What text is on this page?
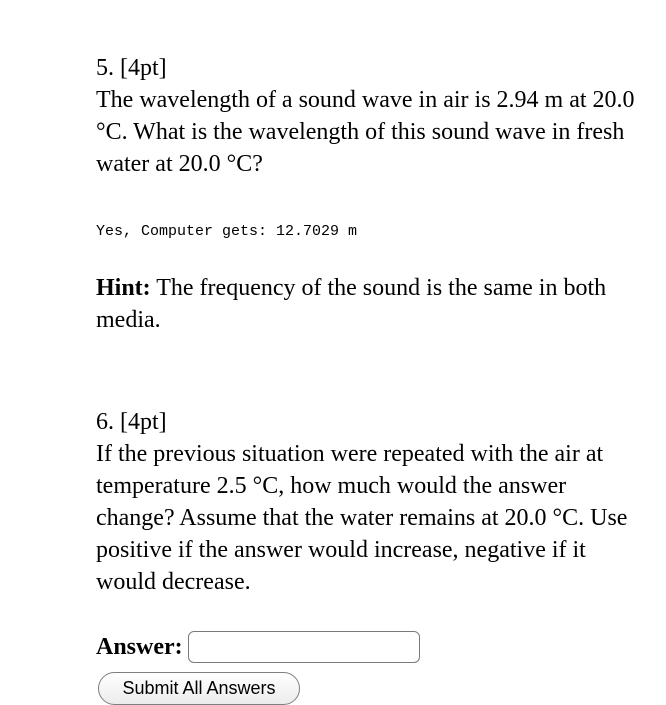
5. [4pt]

The wavelength of a sound wave in air is 2.94 m at 20.0 °C. What is the wavelength of this sound wave in fresh water at 20.0 °C?

Yes, Computer gets: 12.7029 m

Hint: The frequency of the sound is the same in both media.

6. [4pt]

If the previous situation were repeated with the air at temperature 2.5 °C, how much would the answer change? Assume that the water remains at 20.0 °C. Use positive if the answer would increase, negative if it would decrease.

Answer:
Submit All Answers
